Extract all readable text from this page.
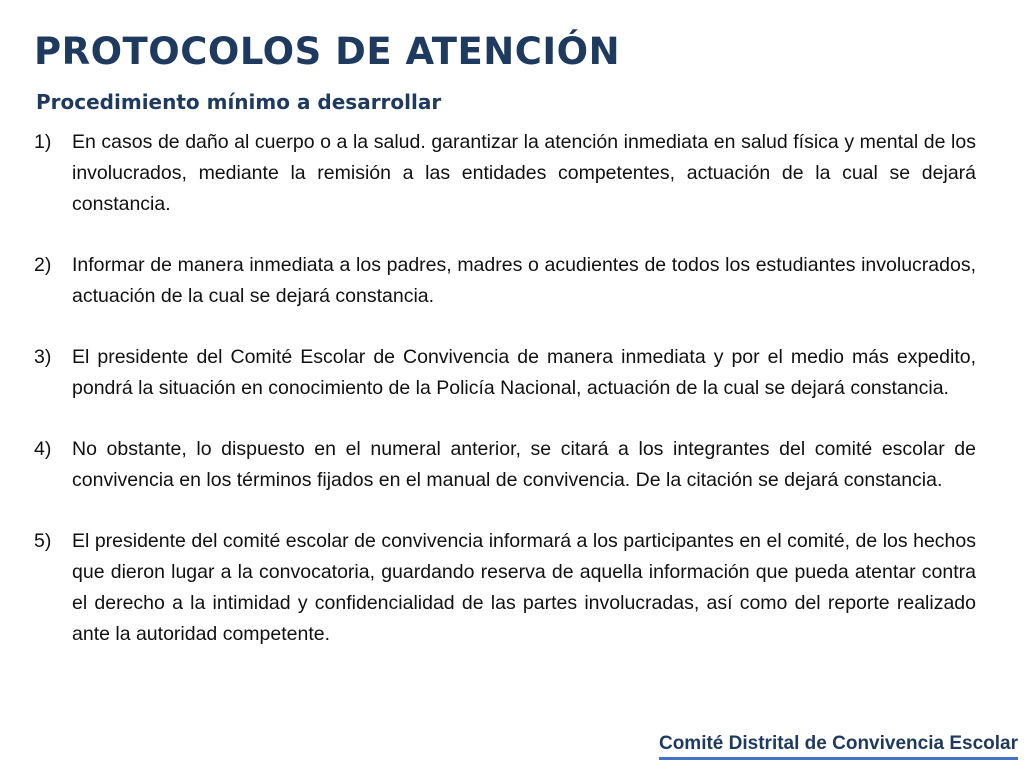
PROTOCOLOS DE ATENCIÓN
Procedimiento mínimo a desarrollar
1)	En casos de daño al cuerpo o a la salud. garantizar la atención inmediata en salud física y mental de los involucrados, mediante la remisión a las entidades competentes, actuación de la cual se dejará constancia.
2)	Informar de manera inmediata a los padres, madres o acudientes de todos los estudiantes involucrados, actuación de la cual se dejará constancia.
3)	El presidente del Comité Escolar de Convivencia de manera inmediata y por el medio más expedito, pondrá la situación en conocimiento de la Policía Nacional, actuación de la cual se dejará constancia.
4)	No obstante, lo dispuesto en el numeral anterior, se citará a los integrantes del comité escolar de convivencia en los términos fijados en el manual de convivencia. De la citación se dejará constancia.
5)	El presidente del comité escolar de convivencia informará a los participantes en el comité, de los hechos que dieron lugar a la convocatoria, guardando reserva de aquella información que pueda atentar contra el derecho a la intimidad y confidencialidad de las partes involucradas, así como del reporte realizado ante la autoridad competente.

Comité Distrital de Convivencia Escolar
